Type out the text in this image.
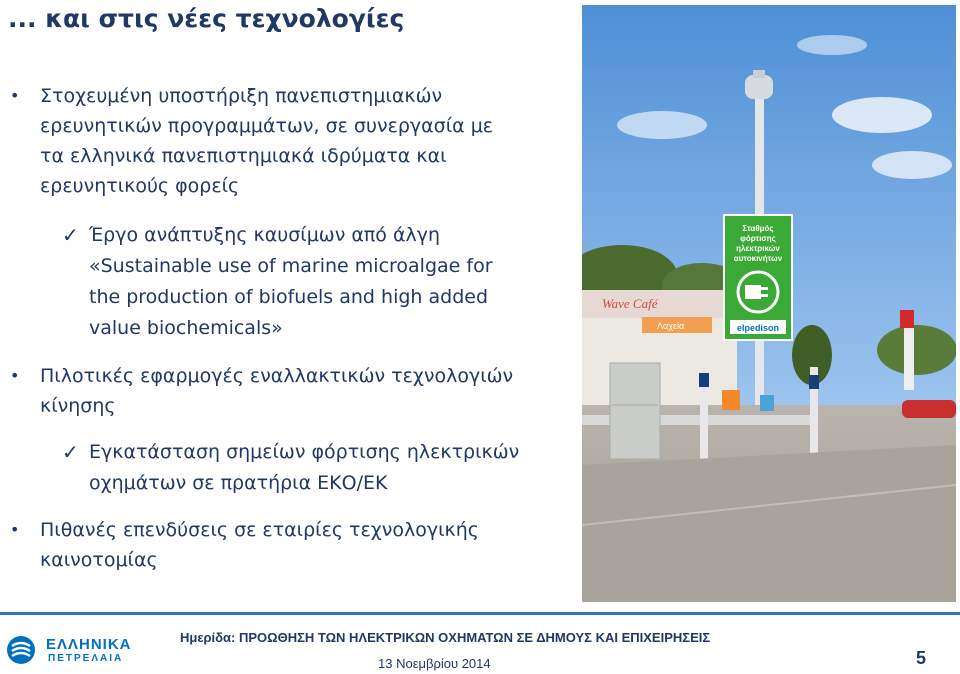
... και στις νέες τεχνολογίες
• Στοχευμένη υποστήριξη πανεπιστημιακών
ερευνητικών προγραμμάτων, σε συνεργασία με
τα ελληνικά πανεπιστημιακά ιδρύματα και
ερευνητικούς φορείς
✓ Έργο ανάπτυξης καυσίμων από άλγη
«Sustainable use of marine microalgae for
the production of biofuels and high added
value biochemicals»
• Πιλοτικές εφαρμογές εναλλακτικών τεχνολογιών
κίνησης
✓ Εγκατάσταση σημείων φόρτισης ηλεκτρικών
οχημάτων σε πρατήρια ΕΚΟ/ΕΚ
• Πιθανές επενδύσεις σε εταιρίες τεχνολογικής
καινοτομίας
Wave Café
Λαχεία
Σταθμός
φόρτισης
ηλεκτρικών
αυτοκινήτων
elpedison
ΕΛΛΗΝΙΚΑ
ΠΕΤΡΕΛΑΙΑ
Ημερίδα: ΠΡΟΩΘΗΣΗ ΤΩΝ ΗΛΕΚΤΡΙΚΩΝ ΟΧΗΜΑΤΩΝ ΣΕ ΔΗΜΟΥΣ ΚΑΙ ΕΠΙΧΕΙΡΗΣΕΙΣ
13 Νοεμβρίου 2014	5
